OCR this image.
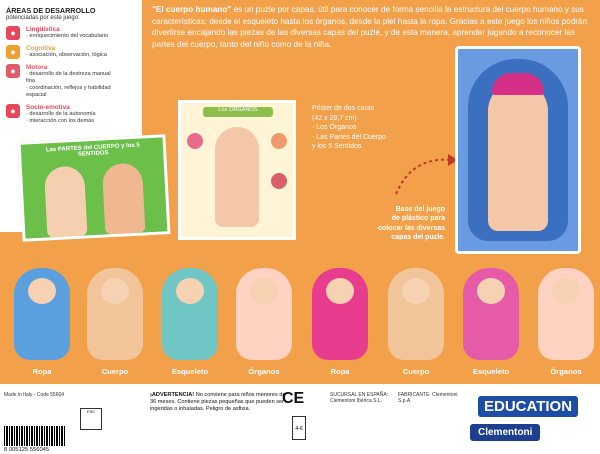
ÁREAS DE DESARROLLO
potenciadas por este juego:
●	Lingüística
· enriquecimiento del vocabulario
●	Cognitiva
· asociación, observación, lógica
●	Motora
· desarrollo de la destreza manual
fina
· coordinación, reflejos y habilidad
espacial
●	Socio-emotiva
· desarrollo de la autonomía
· interacción con los demás
"El cuerpo humano" es un puzle por capas, útil para conocer de forma sencilla la estructura del cuerpo humano y sus características: desde el esqueleto hasta los órganos, desde la piel hasta la ropa. Gracias a este juego los niños podrán divertirse encajando las piezas de las diversas capas del puzle, y de esta manera, aprender jugando a reconocer las partes del cuerpo, tanto del niño como de la niña.
Las PARTES del CUERPO y los 5 SENTIDOS
Los ÓRGANOS	Póster de dos caras
(42 x 29,7 cm)
· Los Órganos
· Las Partes del Cuerpo
y los 5 Sentidos
Base del juego
de plástico para
colocar las diversas
capas del puzle.
Ropa	Cuerpo	Esqueleto	Órganos	Ropa	Cuerpo	Esqueleto	Órganos
Made in Italy - Code 55604
FSC
¡ADVERTENCIA! No conviene para niños menores de 36 meses. Contiene piezas pequeñas que pueden ser ingeridas o inhaladas. Peligro de asfixia.
CE
4-6
SUCURSAL EN ESPAÑA: Clementoni Ibérica S.L.
FABRICANTE: Clementoni S.p.A.	EDUCATION
Clementoni
8 005125 556045
